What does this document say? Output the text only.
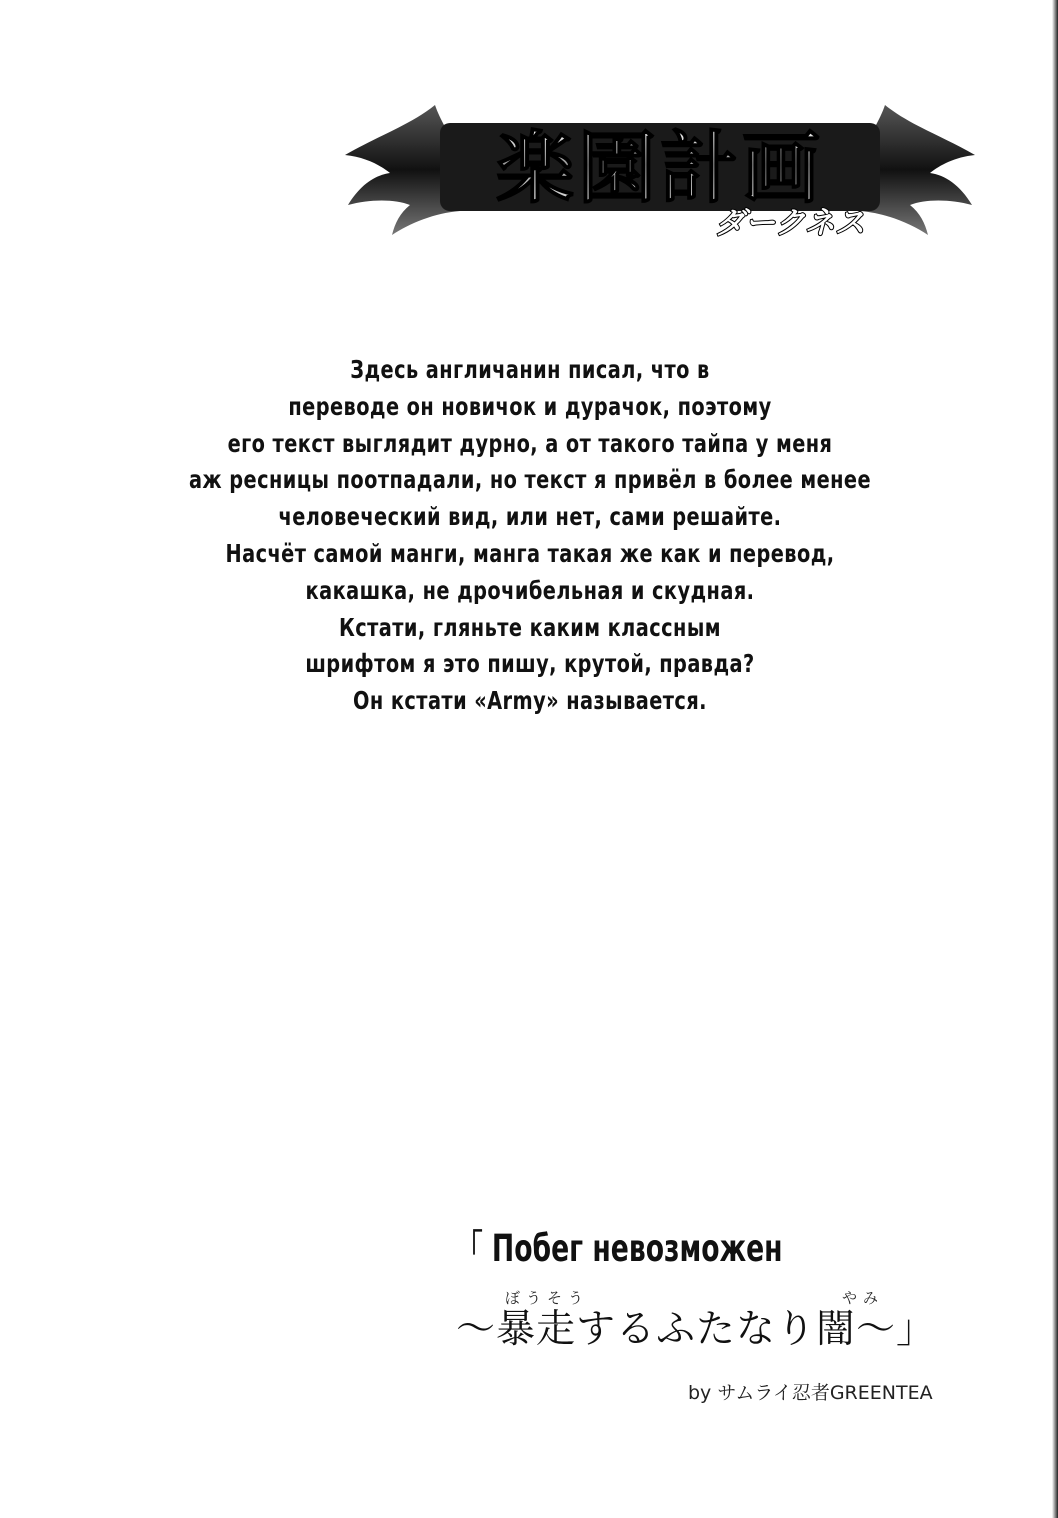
楽園計画
ダークネス
Здесь англичанин писал, что в
переводе он новичок и дурачок, поэтому
его текст выглядит дурно, а от такого тайпа у меня
аж ресницы поотпадали, но текст я привёл в более менее
человеческий вид, или нет, сами решайте.
Насчёт самой манги, манга такая же как и перевод,
какашка, не дрочибельная и скудная.
Кстати, гляньте каким классным
шрифтом я это пишу, крутой, правда?
Он кстати «Army» называется.
「 Побег невозможен
ぼうそう	やみ
～暴走するふたなり闇～」
by サムライ忍者GREENTEA
